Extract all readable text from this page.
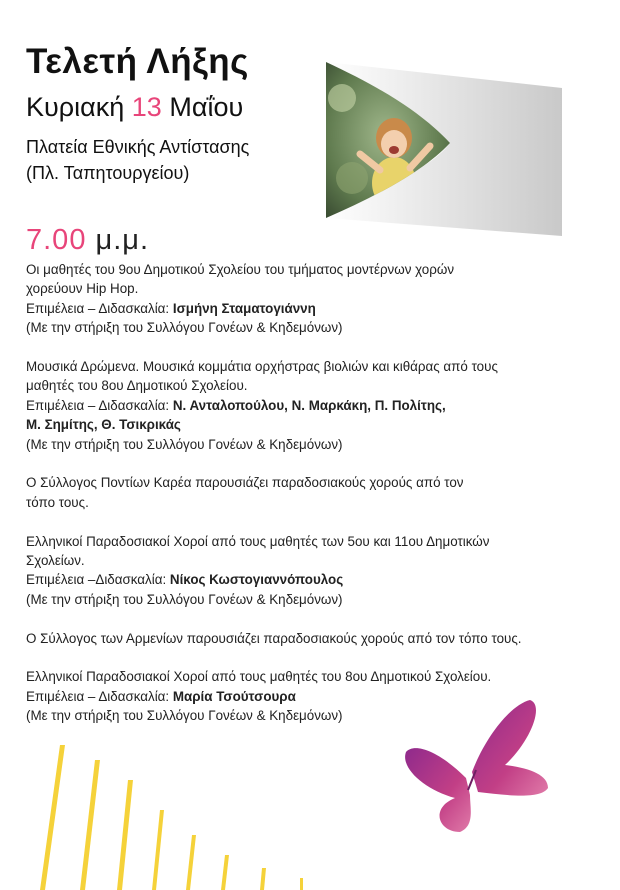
Τελετή Λήξης
Κυριακή 13 Μαΐου
Πλατεία Εθνικής Αντίστασης
(Πλ. Ταπητουργείου)
7.00 μ.μ.
Οι μαθητές του 9ου Δημοτικού Σχολείου του τμήματος μοντέρνων χορών
χορεύουν Hip Hop.
Επιμέλεια – Διδασκαλία: Ισμήνη Σταματογιάννη
(Με την στήριξη του Συλλόγου Γονέων & Κηδεμόνων)
Μουσικά Δρώμενα. Μουσικά κομμάτια ορχήστρας βιολιών και κιθάρας από τους
μαθητές του 8ου Δημοτικού Σχολείου.
Επιμέλεια – Διδασκαλία: Ν. Ανταλοπούλου, Ν. Μαρκάκη, Π. Πολίτης,
Μ. Σημίτης, Θ. Τσικρικάς
(Με την στήριξη του Συλλόγου Γονέων & Κηδεμόνων)
Ο Σύλλογος Ποντίων Καρέα παρουσιάζει παραδοσιακούς χορούς από τον
τόπο τους.
Ελληνικοί Παραδοσιακοί Χοροί από τους μαθητές των 5ου και 11ου Δημοτικών
Σχολείων.
Επιμέλεια –Διδασκαλία: Νίκος Κωστογιαννόπουλος
(Με την στήριξη του Συλλόγου Γονέων & Κηδεμόνων)
Ο Σύλλογος των Αρμενίων παρουσιάζει παραδοσιακούς χορούς από τον τόπο τους.
Ελληνικοί Παραδοσιακοί Χοροί από τους μαθητές του 8ου Δημοτικού Σχολείου.
Επιμέλεια – Διδασκαλία: Μαρία Τσούτσουρα
(Με την στήριξη του Συλλόγου Γονέων & Κηδεμόνων)
